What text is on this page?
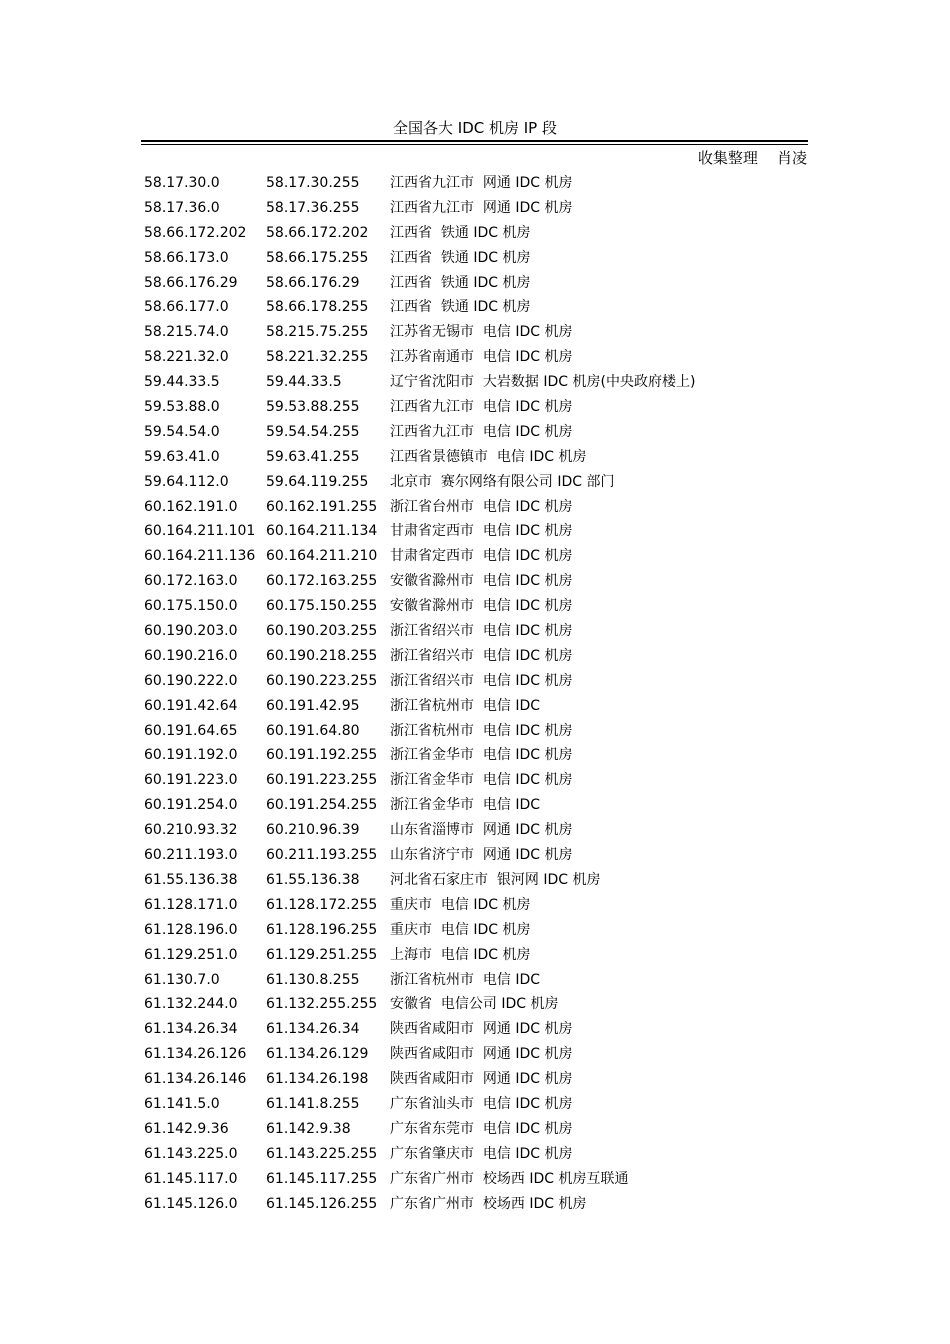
全国各大 IDC 机房 IP 段
收集整理    肖凌
58.17.30.0	58.17.30.255 江西省九江市  网通 IDC 机房
58.17.36.0	58.17.36.255 江西省九江市  网通 IDC 机房
58.66.172.202 58.66.172.202 江西省  铁通 IDC 机房
58.66.173.0	58.66.175.255 江西省  铁通 IDC 机房
58.66.176.29 58.66.176.29 江西省  铁通 IDC 机房
58.66.177.0	58.66.178.255 江西省  铁通 IDC 机房
58.215.74.0	58.215.75.255 江苏省无锡市  电信 IDC 机房
58.221.32.0	58.221.32.255 江苏省南通市  电信 IDC 机房
59.44.33.5	59.44.33.5	辽宁省沈阳市  大岩数据 IDC 机房(中央政府楼上)
59.53.88.0	59.53.88.255 江西省九江市  电信 IDC 机房
59.54.54.0	59.54.54.255 江西省九江市  电信 IDC 机房
59.63.41.0	59.63.41.255 江西省景德镇市  电信 IDC 机房
59.64.112.0	59.64.119.255 北京市  赛尔网络有限公司 IDC 部门
60.162.191.0 60.162.191.255 浙江省台州市  电信 IDC 机房
60.164.211.101 60.164.211.134 甘肃省定西市  电信 IDC 机房
60.164.211.136 60.164.211.210 甘肃省定西市  电信 IDC 机房
60.172.163.0 60.172.163.255 安徽省滁州市  电信 IDC 机房
60.175.150.0 60.175.150.255 安徽省滁州市  电信 IDC 机房
60.190.203.0 60.190.203.255 浙江省绍兴市  电信 IDC 机房
60.190.216.0 60.190.218.255 浙江省绍兴市  电信 IDC 机房
60.190.222.0 60.190.223.255 浙江省绍兴市  电信 IDC 机房
60.191.42.64 60.191.42.95 浙江省杭州市  电信 IDC
60.191.64.65 60.191.64.80 浙江省杭州市  电信 IDC 机房
60.191.192.0 60.191.192.255 浙江省金华市  电信 IDC 机房
60.191.223.0 60.191.223.255 浙江省金华市  电信 IDC 机房
60.191.254.0 60.191.254.255 浙江省金华市  电信 IDC
60.210.93.32 60.210.96.39 山东省淄博市  网通 IDC 机房
60.211.193.0 60.211.193.255 山东省济宁市  网通 IDC 机房
61.55.136.38 61.55.136.38 河北省石家庄市  银河网 IDC 机房
61.128.171.0 61.128.172.255 重庆市  电信 IDC 机房
61.128.196.0 61.128.196.255 重庆市  电信 IDC 机房
61.129.251.0 61.129.251.255 上海市  电信 IDC 机房
61.130.7.0	61.130.8.255 浙江省杭州市  电信 IDC
61.132.244.0 61.132.255.255 安徽省  电信公司 IDC 机房
61.134.26.34 61.134.26.34 陕西省咸阳市  网通 IDC 机房
61.134.26.126 61.134.26.129 陕西省咸阳市  网通 IDC 机房
61.134.26.146 61.134.26.198 陕西省咸阳市  网通 IDC 机房
61.141.5.0	61.141.8.255 广东省汕头市  电信 IDC 机房
61.142.9.36	61.142.9.38	广东省东莞市  电信 IDC 机房
61.143.225.0 61.143.225.255 广东省肇庆市  电信 IDC 机房
61.145.117.0 61.145.117.255 广东省广州市  校场西 IDC 机房互联通
61.145.126.0 61.145.126.255 广东省广州市  校场西 IDC 机房
